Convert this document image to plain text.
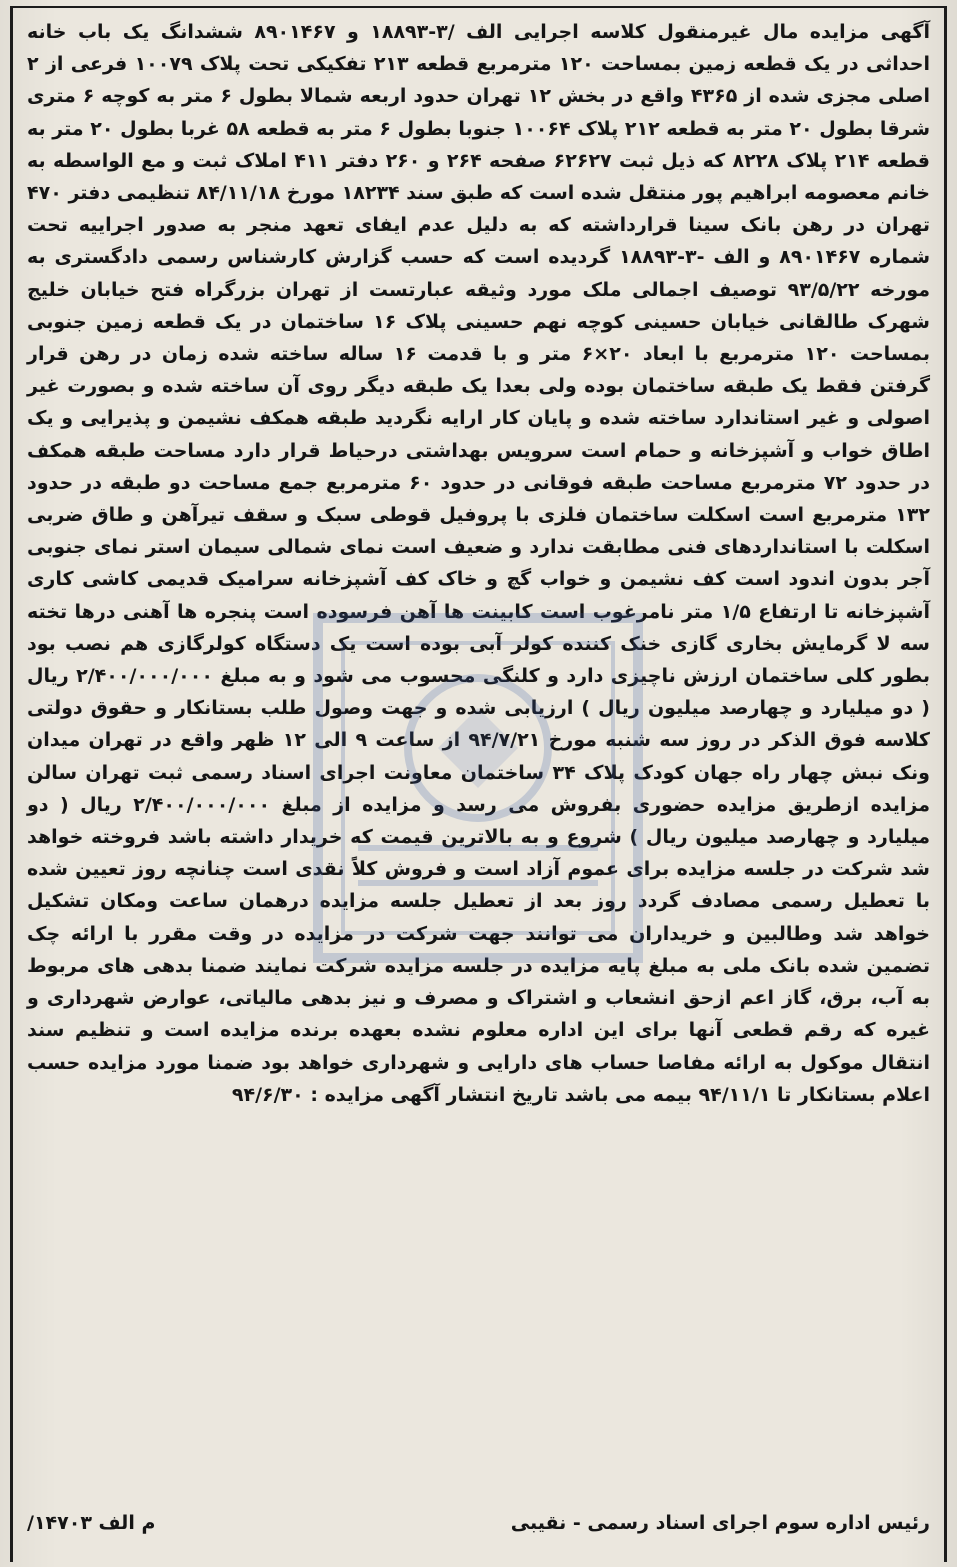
آگهی مزایده مال غیرمنقول کلاسه اجرایی الف /۳-۱۸۸۹۳ و ۸۹۰۱۴۶۷ ششدانگ یک باب خانه احداثی در یک قطعه زمین بمساحت ۱۲۰ مترمربع قطعه ۲۱۳ تفکیکی تحت پلاک ۱۰۰۷۹ فرعی از ۲ اصلی مجزی شده از ۴۳۶۵ واقع در بخش ۱۲ تهران حدود اربعه شمالا بطول ۶ متر به کوچه ۶ متری شرقا بطول ۲۰ متر به قطعه ۲۱۲ پلاک ۱۰۰۶۴ جنوبا بطول ۶ متر به قطعه ۵۸ غربا بطول ۲۰ متر به قطعه ۲۱۴ پلاک ۸۲۲۸ که ذیل ثبت ۶۲۶۲۷ صفحه ۲۶۴ و ۲۶۰ دفتر ۴۱۱ املاک ثبت و مع الواسطه به خانم معصومه ابراهیم پور منتقل شده است که طبق سند ۱۸۲۳۴ مورخ ۸۴/۱۱/۱۸ تنظیمی دفتر ۴۷۰ تهران در رهن بانک سینا قرارداشته که به دلیل عدم ایفای تعهد منجر به صدور اجراییه تحت شماره ۸۹۰۱۴۶۷ و الف -۳-۱۸۸۹۳ گردیده است که حسب گزارش کارشناس رسمی دادگستری به مورخه ۹۳/۵/۲۲ توصیف اجمالی ملک مورد وثیقه عبارتست از تهران بزرگراه فتح خیابان خلیج شهرک طالقانی خیابان حسینی کوچه نهم حسینی پلاک ۱۶ ساختمان در یک قطعه زمین جنوبی بمساحت ۱۲۰ مترمربع با ابعاد ۲۰×۶ متر و با قدمت ۱۶ ساله ساخته شده زمان در رهن قرار گرفتن فقط یک طبقه ساختمان بوده ولی بعدا یک طبقه دیگر روی آن ساخته شده و بصورت غیر اصولی و غیر استاندارد ساخته شده و پایان کار ارایه نگردید طبقه همکف نشیمن و پذیرایی و یک اطاق خواب و آشپزخانه و حمام است سرویس بهداشتی درحیاط قرار دارد مساحت طبقه همکف در حدود ۷۲ مترمربع مساحت طبقه فوقانی در حدود ۶۰ مترمربع جمع مساحت دو طبقه در حدود ۱۳۲ مترمربع است اسکلت ساختمان فلزی با پروفیل قوطی سبک و سقف تیرآهن و طاق ضربی اسکلت با استانداردهای فنی مطابقت ندارد و ضعیف است نمای شمالی سیمان استر نمای جنوبی آجر بدون اندود است کف نشیمن و خواب گچ و خاک کف آشپزخانه سرامیک قدیمی کاشی کاری آشپزخانه تا ارتفاع ۱/۵ متر نامرغوب است کابینت ها آهن فرسوده است پنجره ها آهنی درها تخته سه لا گرمایش بخاری گازی خنک کننده کولر آبی بوده است یک دستگاه کولرگازی هم نصب بود بطور کلی ساختمان ارزش ناچیزی دارد و کلنگی محسوب می شود و به مبلغ ۲/۴۰۰/۰۰۰/۰۰۰ ریال ( دو میلیارد و چهارصد میلیون ریال ) ارزیابی شده و جهت وصول طلب بستانکار و حقوق دولتی کلاسه فوق الذکر در روز سه شنبه مورخ ۹۴/۷/۲۱ از ساعت ۹ الی ۱۲ ظهر واقع در تهران میدان ونک نبش چهار راه جهان کودک پلاک ۳۴ ساختمان معاونت اجرای اسناد رسمی ثبت تهران سالن مزایده ازطریق مزایده حضوری بفروش می رسد و مزایده از مبلغ ۲/۴۰۰/۰۰۰/۰۰۰ ریال ( دو میلیارد و چهارصد میلیون ریال ) شروع و به بالاترین قیمت که خریدار داشته باشد فروخته خواهد شد شرکت در جلسه مزایده برای عموم آزاد است و فروش کلاً نقدی است چنانچه روز تعیین شده با تعطیل رسمی مصادف گردد روز بعد از تعطیل جلسه مزایده درهمان ساعت ومکان تشکیل خواهد شد وطالبین و خریداران می توانند جهت شرکت در مزایده در وقت مقرر با ارائه چک تضمین شده بانک ملی به مبلغ پایه مزایده در جلسه مزایده شرکت نمایند ضمنا بدهی های مربوط به آب، برق، گاز اعم ازحق انشعاب و اشتراک و مصرف و نیز بدهی مالیاتی، عوارض شهرداری و غیره که رقم قطعی آنها برای این اداره معلوم نشده بعهده برنده مزایده است و تنظیم سند انتقال موکول به ارائه مفاصا حساب های دارایی و شهرداری خواهد بود ضمنا مورد مزایده حسب اعلام بستانکار تا ۹۴/۱۱/۱ بیمه می باشد تاریخ انتشار آگهی مزایده : ۹۴/۶/۳۰

رئیس اداره سوم اجرای اسناد رسمی - نقیبی
م الف ۱۴۷۰۳/
